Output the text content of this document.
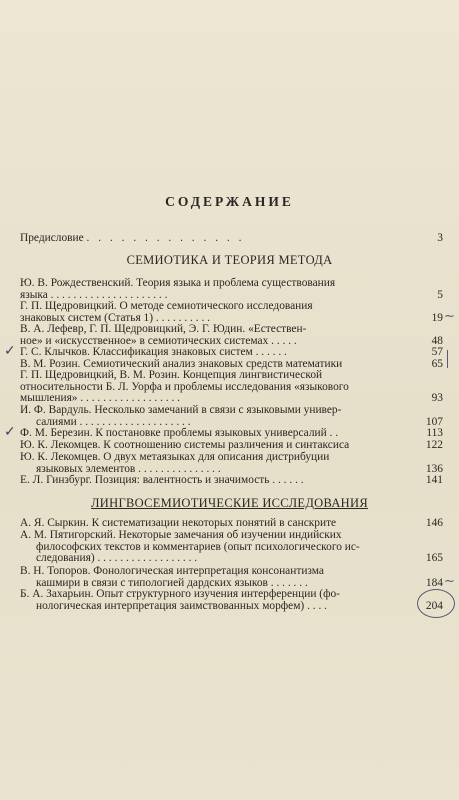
СОДЕРЖАНИЕ
Предисловие . . . . . . . . . . . . . .	3
СЕМИОТИКА И ТЕОРИЯ МЕТОДА
Ю. В. Рождественский. Теория языка и проблема существования
языка . . . . . . . . . . . . . . . . . . . . .	5
Г. П. Щедровицкий. О методе семиотического исследования
знаковых систем (Статья 1) . . . . . . . . . .	19
В. А. Лефевр, Г. П. Щедровицкий, Э. Г. Юдин. «Естествен-
ное» и «искусственное» в семиотических системах . . . . .	48
Г. С. Клычков. Классификация знаковых систем . . . . . .	57
В. М. Розин. Семиотический анализ знаковых средств математики	65
Г. П. Щедровицкий, В. М. Розин. Концепция лингвистической
относительности Б. Л. Уорфа и проблемы исследования «языкового
мышления» . . . . . . . . . . . . . . . . . .	93
И. Ф. Вардуль. Несколько замечаний в связи с языковыми универ-
салиями . . . . . . . . . . . . . . . . . . . .	107
Ф. М. Березин. К постановке проблемы языковых универсалий . .	113
Ю. К. Лекомцев. К соотношению системы различения и синтаксиса	122
Ю. К. Лекомцев. О двух метаязыках для описания дистрибуции
языковых элементов . . . . . . . . . . . . . . .	136
Е. Л. Гинзбург. Позиция: валентность и значимость . . . . . .	141
ЛИНГВОСЕМИОТИЧЕСКИЕ ИССЛЕДОВАНИЯ
А. Я. Сыркин. К систематизации некоторых понятий в санскрите	146
А. М. Пятигорский. Некоторые замечания об изучении индийских
философских текстов и комментариев (опыт психологического ис-
следования) . . . . . . . . . . . . . . . . . .	165
В. Н. Топоров. Фонологическая интерпретация консонантизма
кашмири в связи с типологией дардских языков . . . . . . .	184
Б. А. Захарьин. Опыт структурного изучения интерференции (фо-
нологическая интерпретация заимствованных морфем) . . . .	204
✓
✓
~
~
